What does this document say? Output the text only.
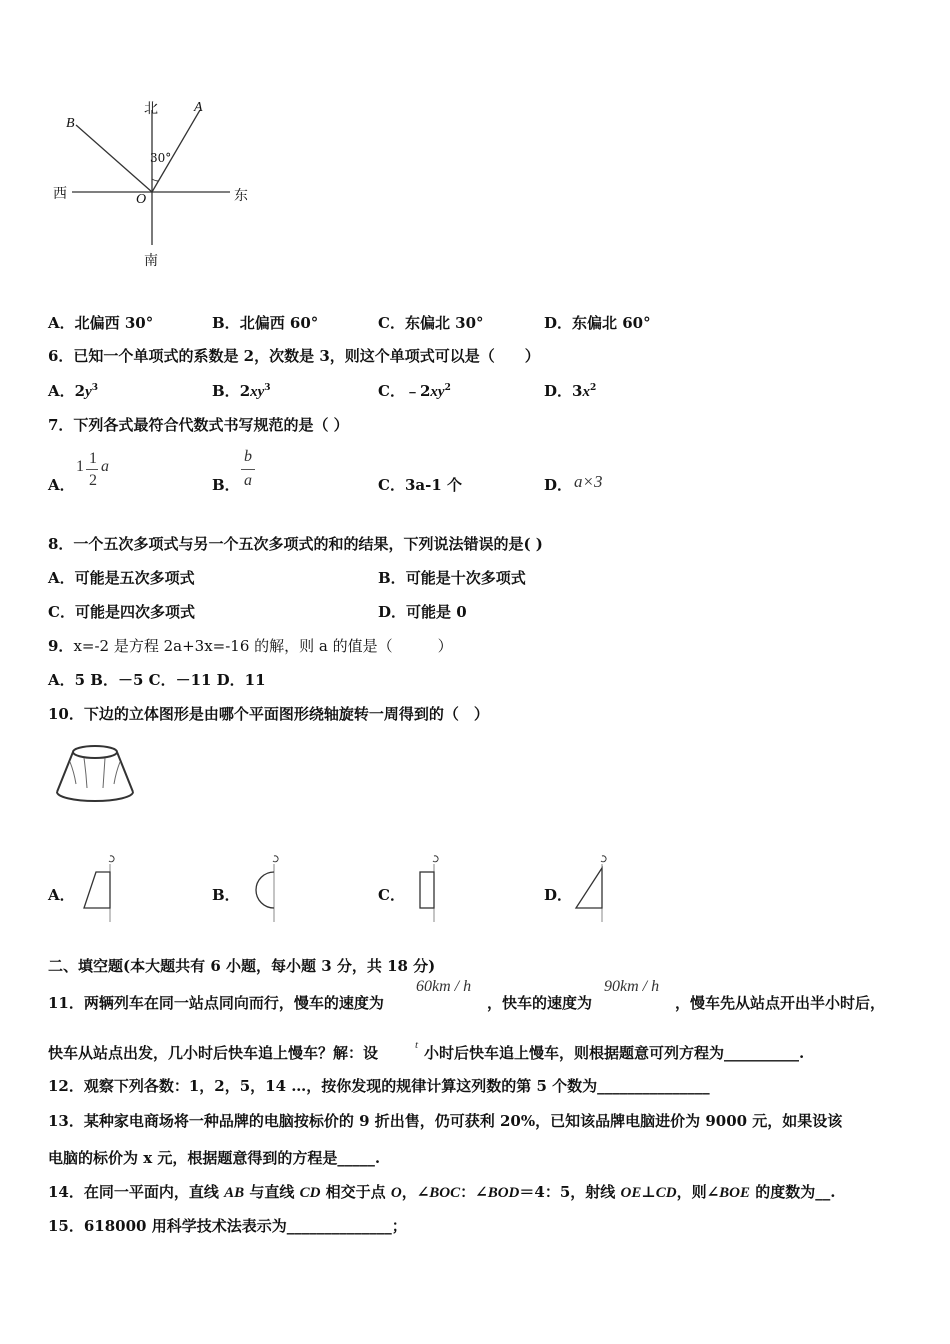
北
南
东
西
A
B
O
30°
A．北偏西 30°	B．北偏西 60°	C．东偏北 30°	D．东偏北 60°
6．已知一个单项式的系数是 2，次数是 3，则这个单项式可以是（　　）
A．$2y^3$	B．$2xy^3$	C．$﹣2xy^2$	D．$3x^2$
7．下列各式最符合代数式书写规范的是（ ）
A．
1 1
2
a
B．
b
a	C．3a-1 个	D． a×3
8．一个五次多项式与另一个五次多项式的和的结果，下列说法错误的是( )
A．可能是五次多项式	B．可能是十次多项式
C．可能是四次多项式	D．可能是 0
9．x=-2 是方程 2a+3x=-16 的解，则 a 的值是（　　　）
A．5 B．－5 C．－11 D．11
10．下边的立体图形是由哪个平面图形绕轴旋转一周得到的（　）
A．	B．	C．	D．
二、填空题(本大题共有 6 小题，每小题 3 分，共 18 分)
11．两辆列车在同一站点同向而行，慢车的速度为
60km / h
，快车的速度为
90km / h
，慢车先从站点开出半小时后，
快车从站点出发，几小时后快车追上慢车？解：设	t 小时后快车追上慢车，则根据题意可列方程为__________.
12．观察下列各数：1，2，5，14 …，按你发现的规律计算这列数的第 5 个数为_______________
13．某种家电商场将一种品牌的电脑按标价的 9 折出售，仍可获利 20%，已知该品牌电脑进价为 9000 元，如果设该
电脑的标价为 x 元，根据题意得到的方程是_____.
14．在同一平面内，直线 AB 与直线 CD 相交于点 O，∠BOC：∠BOD＝4：5，射线 OE⊥CD，则∠BOE 的度数为__.
15．618000 用科学技术法表示为______________；
